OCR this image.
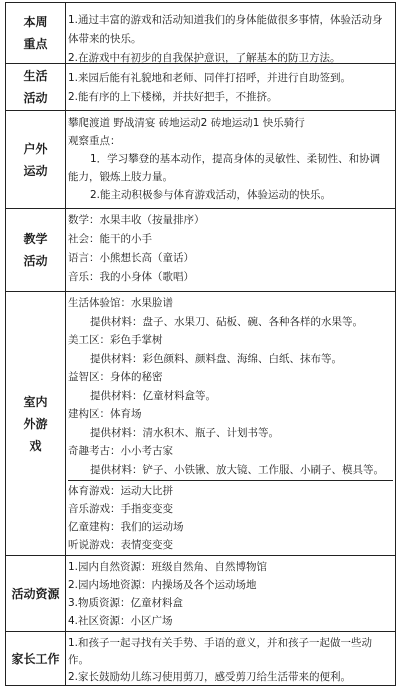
本周重点
1.通过丰富的游戏和活动知道我们的身体能做很多事情，体验活动身体带来的快乐。
2.在游戏中有初步的自我保护意识，了解基本的防卫方法。
生活活动
1.来园后能有礼貌地和老师、同伴打招呼，并进行自助签到。
2.能有序的上下楼梯，并扶好把手，不推挤。
户外运动
攀爬渡道 野战清宴 砖地运动2 砖地运动1 快乐骑行
观察重点：
1．学习攀登的基本动作，提高身体的灵敏性、柔韧性、和协调
能力，锻炼上肢力量。
2.能主动积极参与体育游戏活动，体验运动的快乐。
教学活动
数学：水果丰收（按量排序）
社会：能干的小手
语言：小熊想长高（童话）
音乐：我的小身体（歌唱）
室内外游戏
生活体验馆：水果脸谱
提供材料：盘子、水果刀、砧板、碗、各种各样的水果等。
美工区：彩色手掌树
提供材料：彩色颜料、颜料盘、海绵、白纸、抹布等。
益智区：身体的秘密
提供材料：亿童材料盒等。
建构区：体育场
提供材料：清水积木、瓶子、计划书等。
奇趣考古：小小考古家
提供材料：铲子、小铁锹、放大镜、工作服、小刷子、模具等。
体育游戏：运动大比拼
音乐游戏：手指变变变
亿童建构：我们的运动场
听说游戏：表情变变变
活动资源
1.园内自然资源：班级自然角、自然博物馆
2.园内场地资源：内操场及各个运动场地
3.物质资源：亿童材料盒
4.社区资源：小区广场
家长工作
1.和孩子一起寻找有关手势、手语的意义，并和孩子一起做一些动作。
2.家长鼓励幼儿练习使用剪刀，感受剪刀给生活带来的便利。
